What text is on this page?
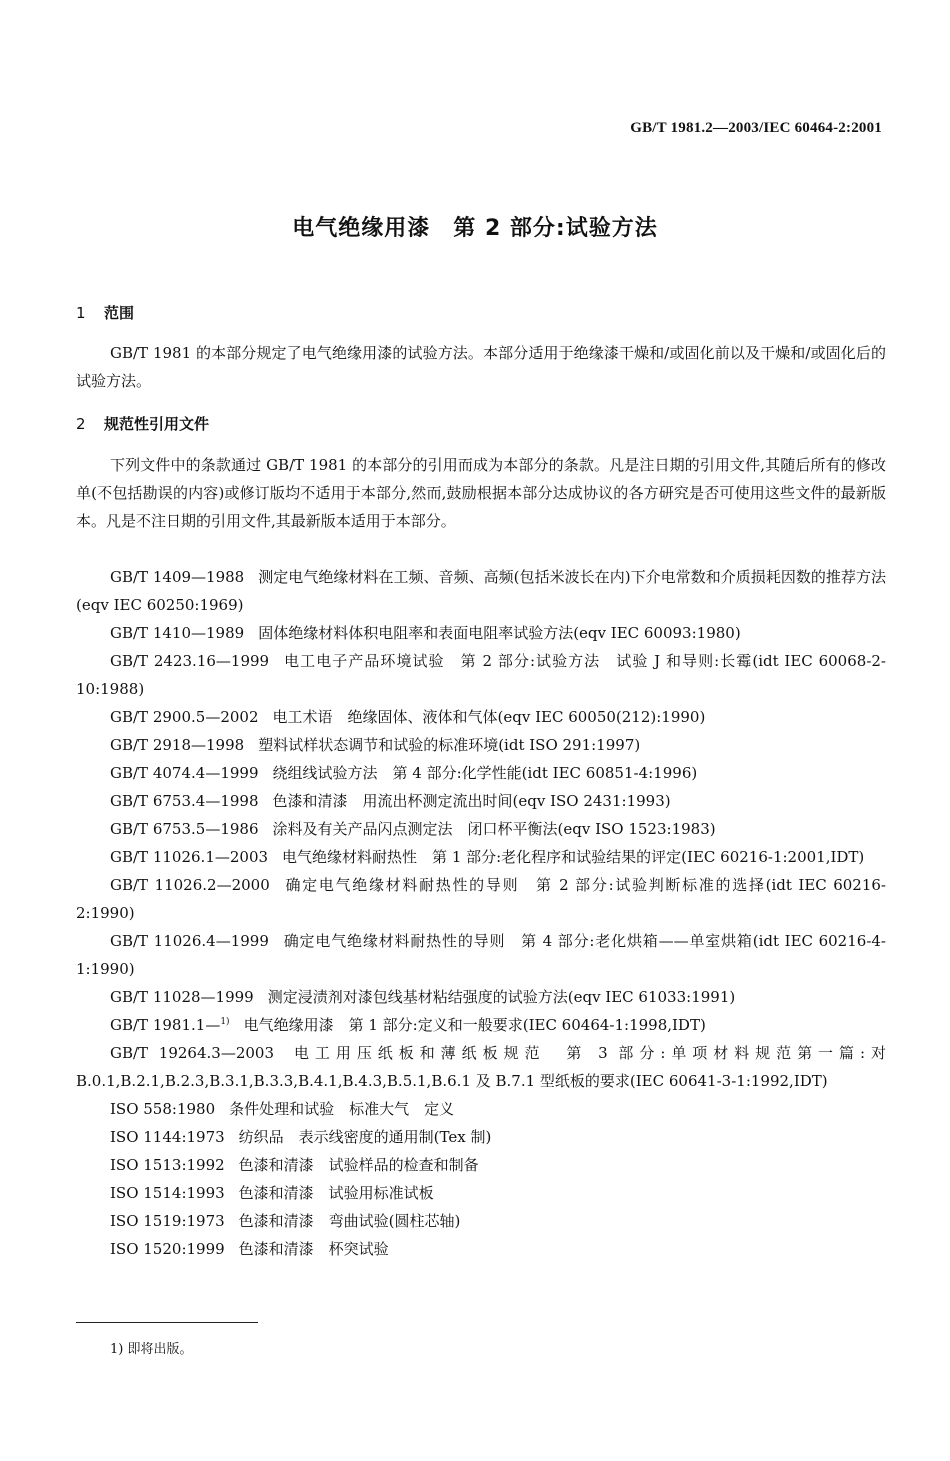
GB/T 1981.2—2003/IEC 60464-2:2001
电气绝缘用漆　第 2 部分:试验方法
1 范围

GB/T 1981 的本部分规定了电气绝缘用漆的试验方法。本部分适用于绝缘漆干燥和/或固化前以及干燥和/或固化后的试验方法。

2 规范性引用文件

下列文件中的条款通过 GB/T 1981 的本部分的引用而成为本部分的条款。凡是注日期的引用文件,其随后所有的修改单(不包括勘误的内容)或修订版均不适用于本部分,然而,鼓励根据本部分达成协议的各方研究是否可使用这些文件的最新版本。凡是不注日期的引用文件,其最新版本适用于本部分。

GB/T 1409—1988 测定电气绝缘材料在工频、音频、高频(包括米波长在内)下介电常数和介质损耗因数的推荐方法(eqv IEC 60250:1969)
GB/T 1410—1989 固体绝缘材料体积电阻率和表面电阻率试验方法(eqv IEC 60093:1980)
GB/T 2423.16—1999 电工电子产品环境试验　第 2 部分:试验方法　试验 J 和导则:长霉(idt IEC 60068-2-10:1988)
GB/T 2900.5—2002 电工术语　绝缘固体、液体和气体(eqv IEC 60050(212):1990)
GB/T 2918—1998 塑料试样状态调节和试验的标准环境(idt ISO 291:1997)
GB/T 4074.4—1999 绕组线试验方法　第 4 部分:化学性能(idt IEC 60851-4:1996)
GB/T 6753.4—1998 色漆和清漆　用流出杯测定流出时间(eqv ISO 2431:1993)
GB/T 6753.5—1986 涂料及有关产品闪点测定法　闭口杯平衡法(eqv ISO 1523:1983)
GB/T 11026.1—2003 电气绝缘材料耐热性　第 1 部分:老化程序和试验结果的评定(IEC 60216-1:2001,IDT)
GB/T 11026.2—2000 确定电气绝缘材料耐热性的导则　第 2 部分:试验判断标准的选择(idt IEC 60216-2:1990)
GB/T 11026.4—1999 确定电气绝缘材料耐热性的导则　第 4 部分:老化烘箱——单室烘箱(idt IEC 60216-4-1:1990)
GB/T 11028—1999 测定浸渍剂对漆包线基材粘结强度的试验方法(eqv IEC 61033:1991)
GB/T 1981.1—$^{1)}$ 电气绝缘用漆　第 1 部分:定义和一般要求(IEC 60464-1:1998,IDT)
GB/T 19264.3—2003 电工用压纸板和薄纸板规范　第 3 部分:单项材料规范第一篇:对 B.0.1,B.2.1,B.2.3,B.3.1,B.3.3,B.4.1,B.4.3,B.5.1,B.6.1 及 B.7.1 型纸板的要求(IEC 60641-3-1:1992,IDT)
ISO 558:1980 条件处理和试验　标准大气　定义
ISO 1144:1973 纺织品　表示线密度的通用制(Tex 制)
ISO 1513:1992 色漆和清漆　试验样品的检查和制备
ISO 1514:1993 色漆和清漆　试验用标准试板
ISO 1519:1973 色漆和清漆　弯曲试验(圆柱芯轴)
ISO 1520:1999 色漆和清漆　杯突试验
1) 即将出版。
